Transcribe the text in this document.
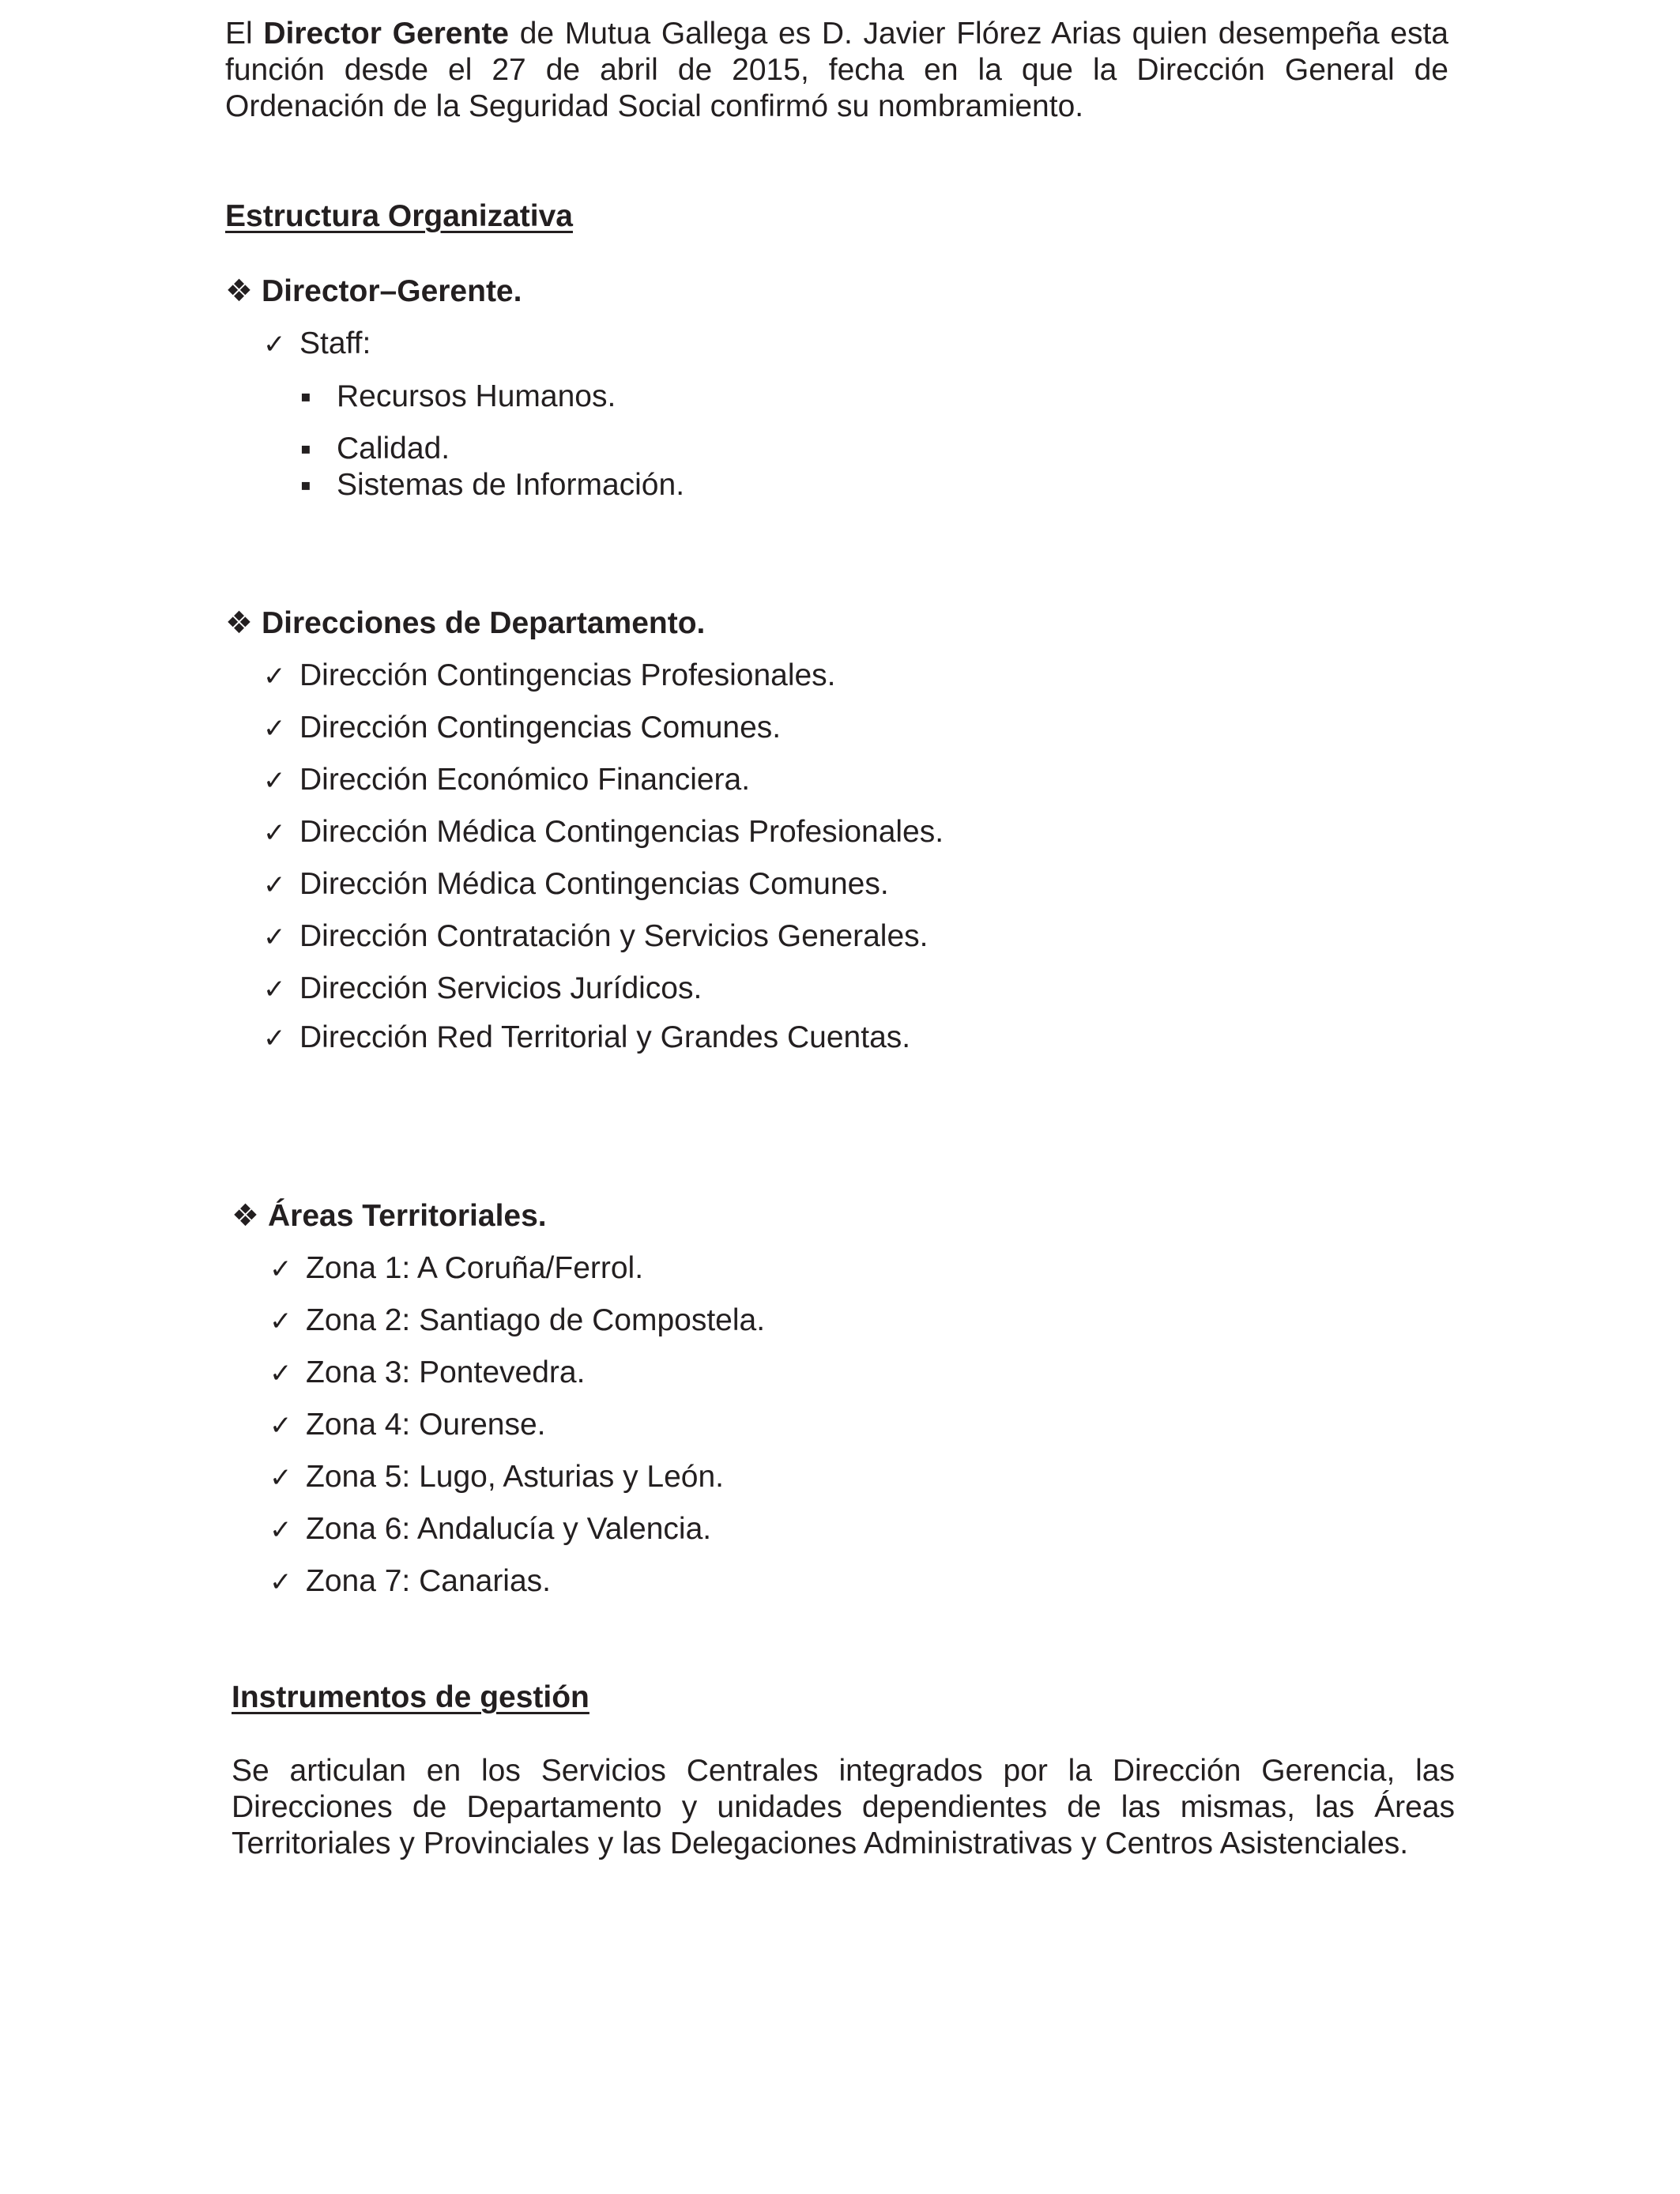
El Director Gerente de Mutua Gallega es D. Javier Flórez Arias quien desempeña esta función desde el 27 de abril de 2015, fecha en la que la Dirección General de Ordenación de la Seguridad Social confirmó su nombramiento.

Estructura Organizativa
❖ Director–Gerente.
✓ Staff:
▪ Recursos Humanos.
▪ Calidad.
▪ Sistemas de Información.
❖ Direcciones de Departamento.
✓ Dirección Contingencias Profesionales.
✓ Dirección Contingencias Comunes.
✓ Dirección Económico Financiera.
✓ Dirección Médica Contingencias Profesionales.
✓ Dirección Médica Contingencias Comunes.
✓ Dirección Contratación y Servicios Generales.
✓ Dirección Servicios Jurídicos.
✓ Dirección Red Territorial y Grandes Cuentas.
❖ Áreas Territoriales.
✓ Zona 1: A Coruña/Ferrol.
✓ Zona 2: Santiago de Compostela.
✓ Zona 3: Pontevedra.
✓ Zona 4: Ourense.
✓ Zona 5: Lugo, Asturias y León.
✓ Zona 6: Andalucía y Valencia.
✓ Zona 7: Canarias.
Instrumentos de gestión

Se articulan en los Servicios Centrales integrados por la Dirección Gerencia, las Direcciones de Departamento y unidades dependientes de las mismas, las Áreas Territoriales y Provinciales y las Delegaciones Administrativas y Centros Asistenciales.
